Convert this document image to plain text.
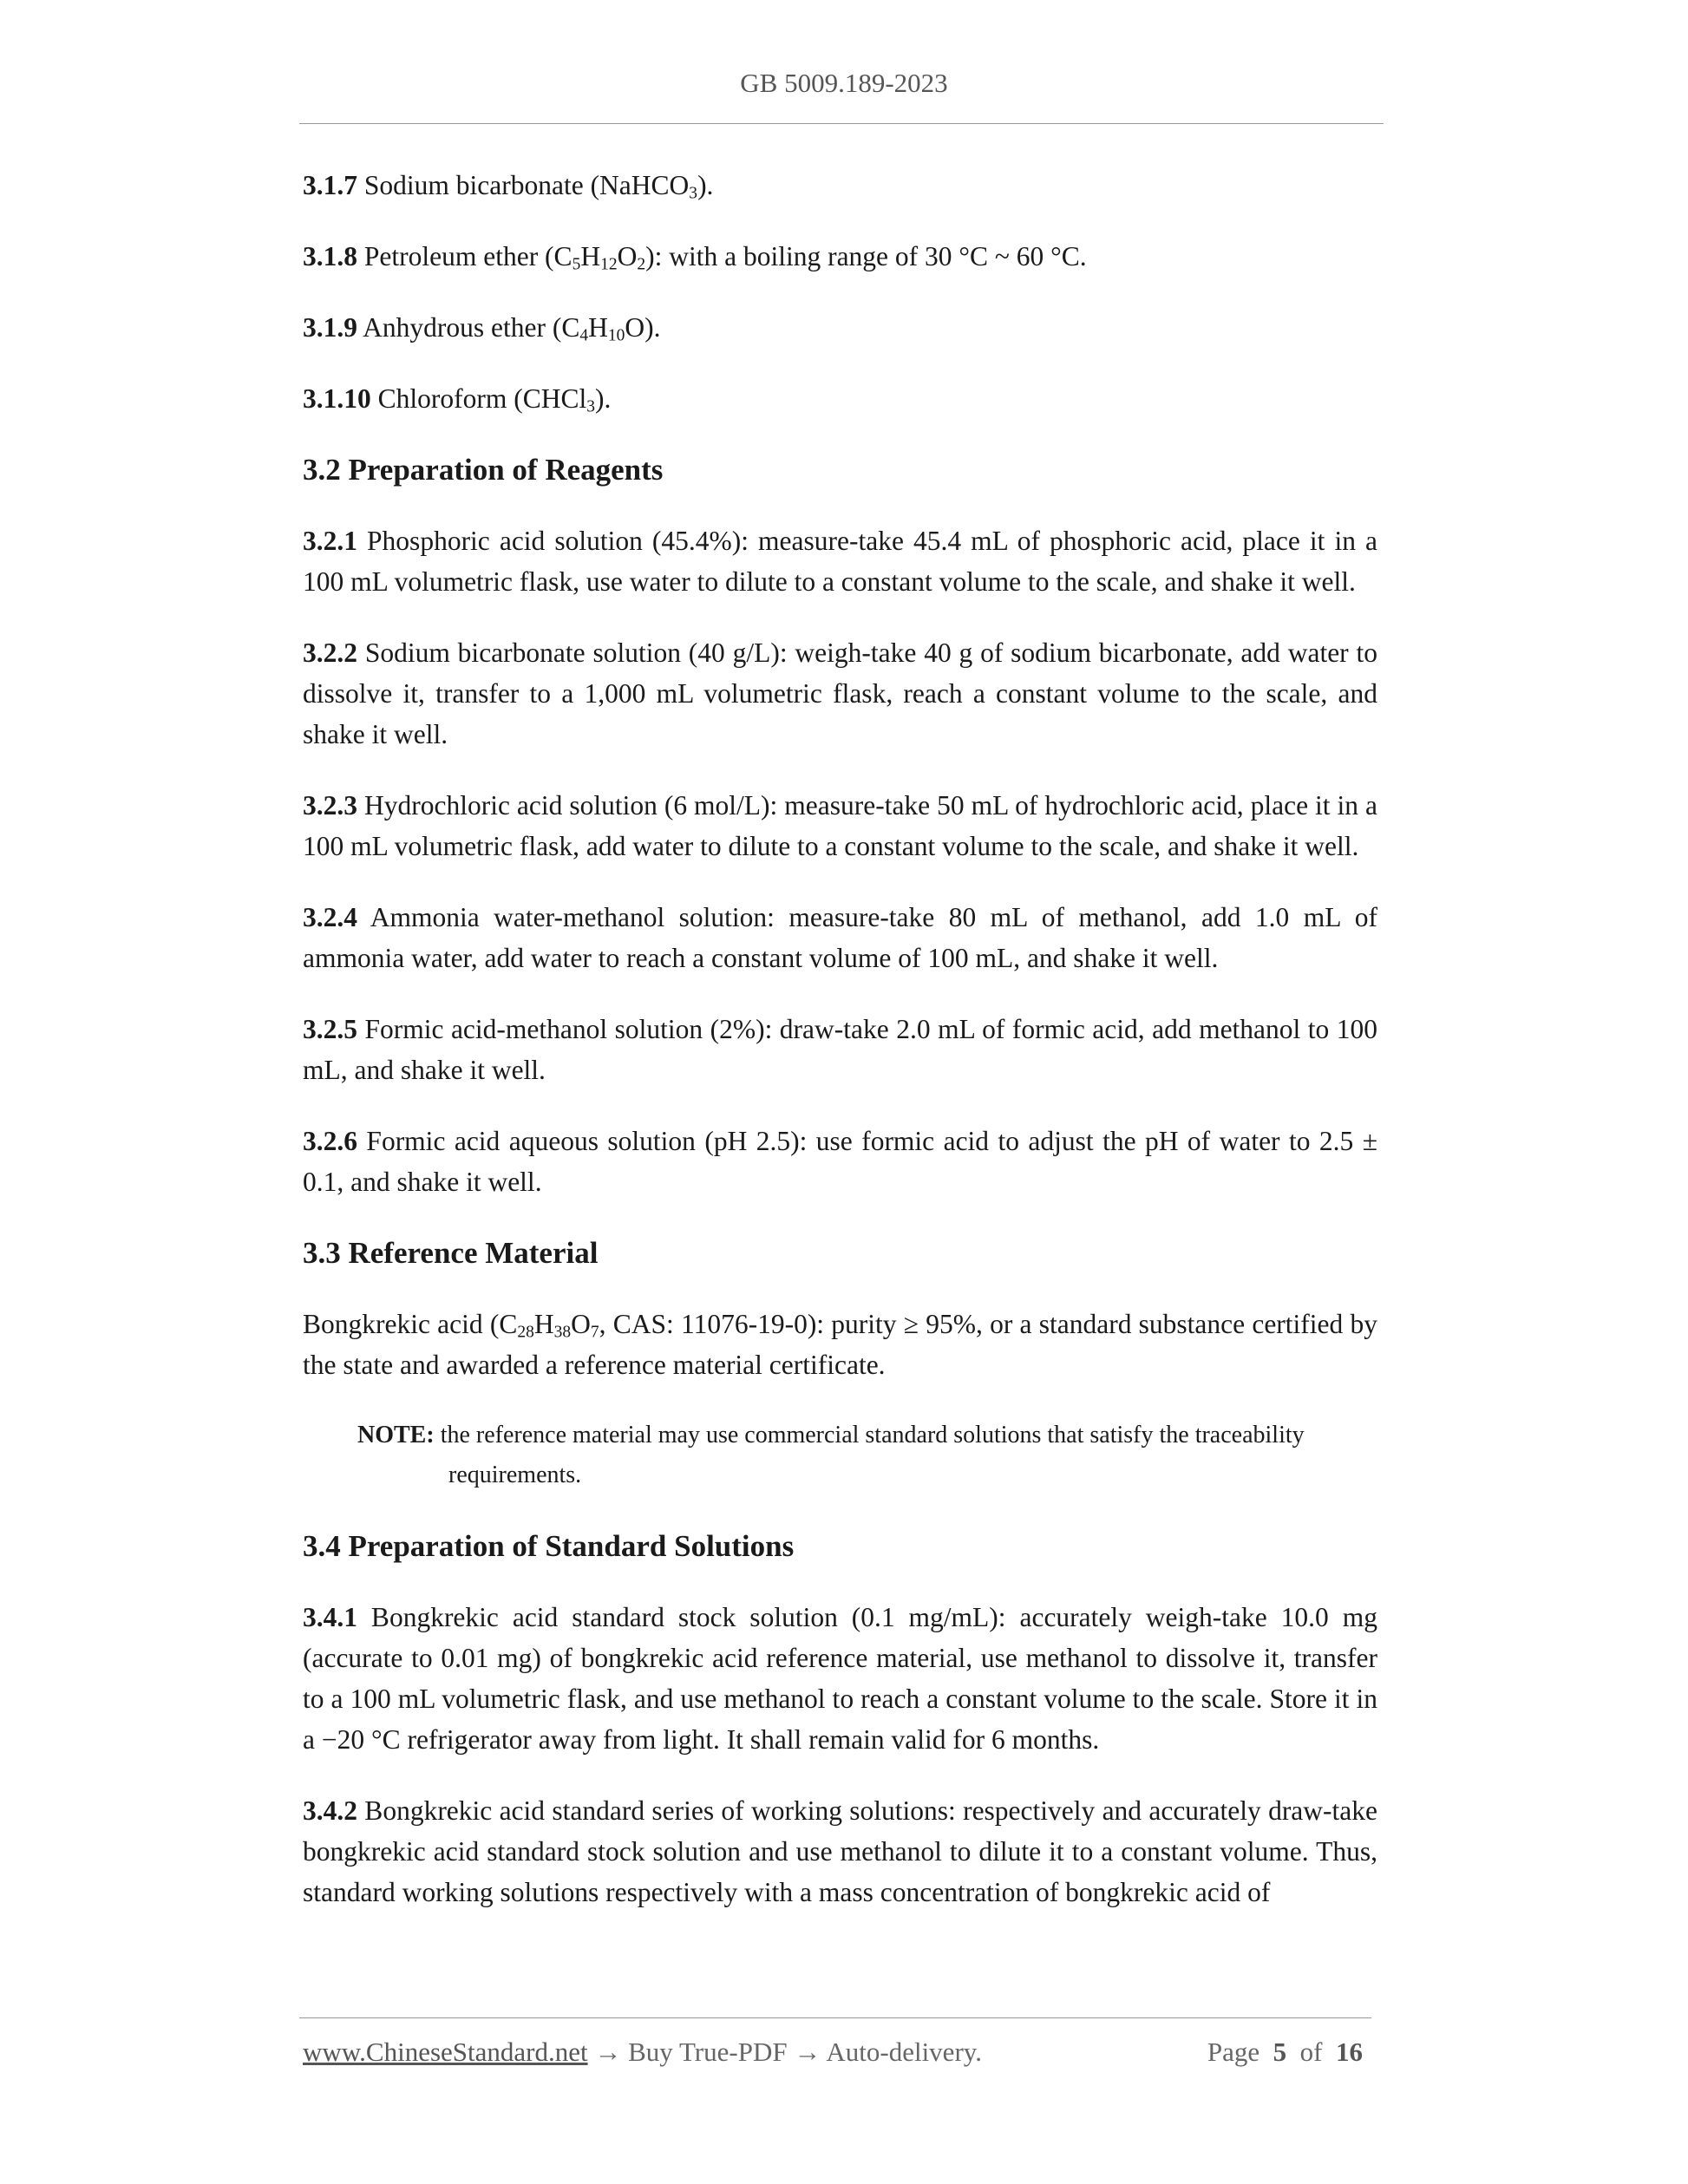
GB 5009.189-2023

3.1.7 Sodium bicarbonate (NaHCO$_3$).

3.1.8 Petroleum ether $(C_5H_{12}O_2)$: with a boiling range of 30 °C ~ 60 °C.

3.1.9 Anhydrous ether $(C_4H_{10}O)$.

3.1.10 Chloroform (CHCl$_3$).

3.2 Preparation of Reagents

3.2.1 Phosphoric acid solution (45.4%): measure-take 45.4 mL of phosphoric acid, place it in a 100 mL volumetric flask, use water to dilute to a constant volume to the scale, and shake it well.

3.2.2 Sodium bicarbonate solution (40 g/L): weigh-take 40 g of sodium bicarbonate, add water to dissolve it, transfer to a 1,000 mL volumetric flask, reach a constant volume to the scale, and shake it well.

3.2.3 Hydrochloric acid solution (6 mol/L): measure-take 50 mL of hydrochloric acid, place it in a 100 mL volumetric flask, add water to dilute to a constant volume to the scale, and shake it well.

3.2.4 Ammonia water-methanol solution: measure-take 80 mL of methanol, add 1.0 mL of ammonia water, add water to reach a constant volume of 100 mL, and shake it well.

3.2.5 Formic acid-methanol solution (2%): draw-take 2.0 mL of formic acid, add methanol to 100 mL, and shake it well.

3.2.6 Formic acid aqueous solution (pH 2.5): use formic acid to adjust the pH of water to 2.5 ± 0.1, and shake it well.

3.3 Reference Material

Bongkrekic acid ($C_{28}H_{38}O_7$, CAS: 11076-19-0): purity ≥ 95%, or a standard substance certified by the state and awarded a reference material certificate.

NOTE: the reference material may use commercial standard solutions that satisfy the traceability
requirements.
3.4 Preparation of Standard Solutions

3.4.1 Bongkrekic acid standard stock solution (0.1 mg/mL): accurately weigh-take 10.0 mg (accurate to 0.01 mg) of bongkrekic acid reference material, use methanol to dissolve it, transfer to a 100 mL volumetric flask, and use methanol to reach a constant volume to the scale. Store it in a −20 °C refrigerator away from light. It shall remain valid for 6 months.

3.4.2 Bongkrekic acid standard series of working solutions: respectively and accurately draw-take bongkrekic acid standard stock solution and use methanol to dilute it to a constant volume. Thus, standard working solutions respectively with a mass concentration of bongkrekic acid of

www.ChineseStandard.net → Buy True-PDF → Auto-delivery.	Page 5 of 16
